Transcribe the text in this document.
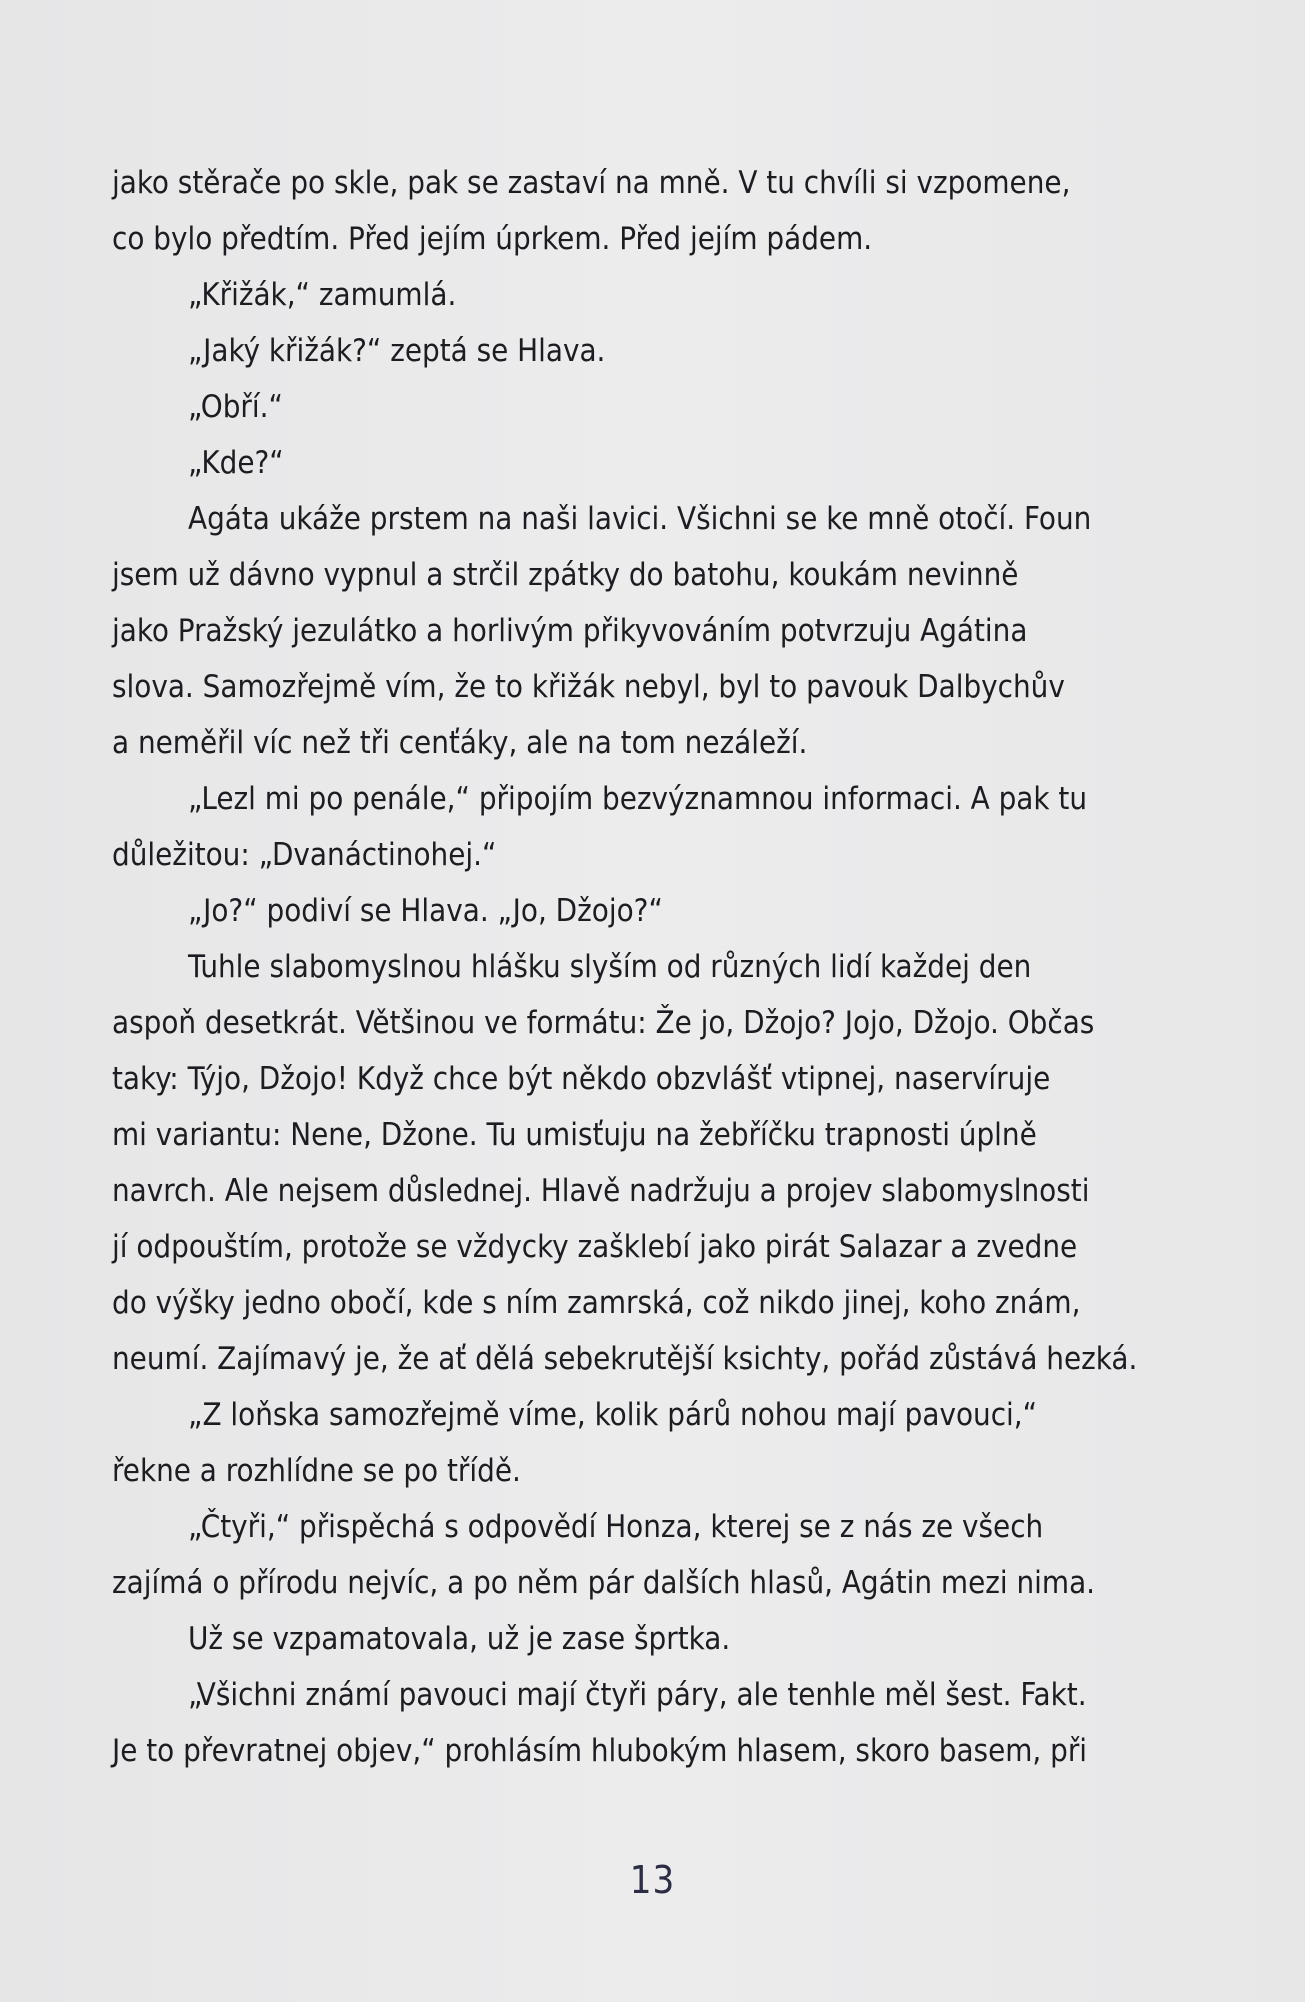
jako stěrače po skle, pak se zastaví na mně. V tu chvíli si vzpomene,
co bylo předtím. Před jejím úprkem. Před jejím pádem.
„Křižák,“ zamumlá.
„Jaký křižák?“ zeptá se Hlava.
„Obří.“
„Kde?“
Agáta ukáže prstem na naši lavici. Všichni se ke mně otočí. Foun
jsem už dávno vypnul a strčil zpátky do batohu, koukám nevinně
jako Pražský jezulátko a horlivým přikyvováním potvrzuju Agátina
slova. Samozřejmě vím, že to křižák nebyl, byl to pavouk Dalbychův
a neměřil víc než tři cenťáky, ale na tom nezáleží.
„Lezl mi po penále,“ připojím bezvýznamnou informaci. A pak tu
důležitou: „Dvanáctinohej.“
„Jo?“ podiví se Hlava. „Jo, Džojo?“
Tuhle slabomyslnou hlášku slyším od různých lidí každej den
aspoň desetkrát. Většinou ve formátu: Že jo, Džojo? Jojo, Džojo. Občas
taky: Týjo, Džojo! Když chce být někdo obzvlášť vtipnej, naservíruje
mi variantu: Nene, Džone. Tu umisťuju na žebříčku trapnosti úplně
navrch. Ale nejsem důslednej. Hlavě nadržuju a projev slabomyslnosti
jí odpouštím, protože se vždycky zašklebí jako pirát Salazar a zvedne
do výšky jedno obočí, kde s ním zamrská, což nikdo jinej, koho znám,
neumí. Zajímavý je, že ať dělá sebekrutější ksichty, pořád zůstává hezká.
„Z loňska samozřejmě víme, kolik párů nohou mají pavouci,“
řekne a rozhlídne se po třídě.
„Čtyři,“ přispěchá s odpovědí Honza, kterej se z nás ze všech
zajímá o přírodu nejvíc, a po něm pár dalších hlasů, Agátin mezi nima.
Už se vzpamatovala, už je zase šprtka.
„Všichni známí pavouci mají čtyři páry, ale tenhle měl šest. Fakt.
Je to převratnej objev,“ prohlásím hlubokým hlasem, skoro basem, při
13
